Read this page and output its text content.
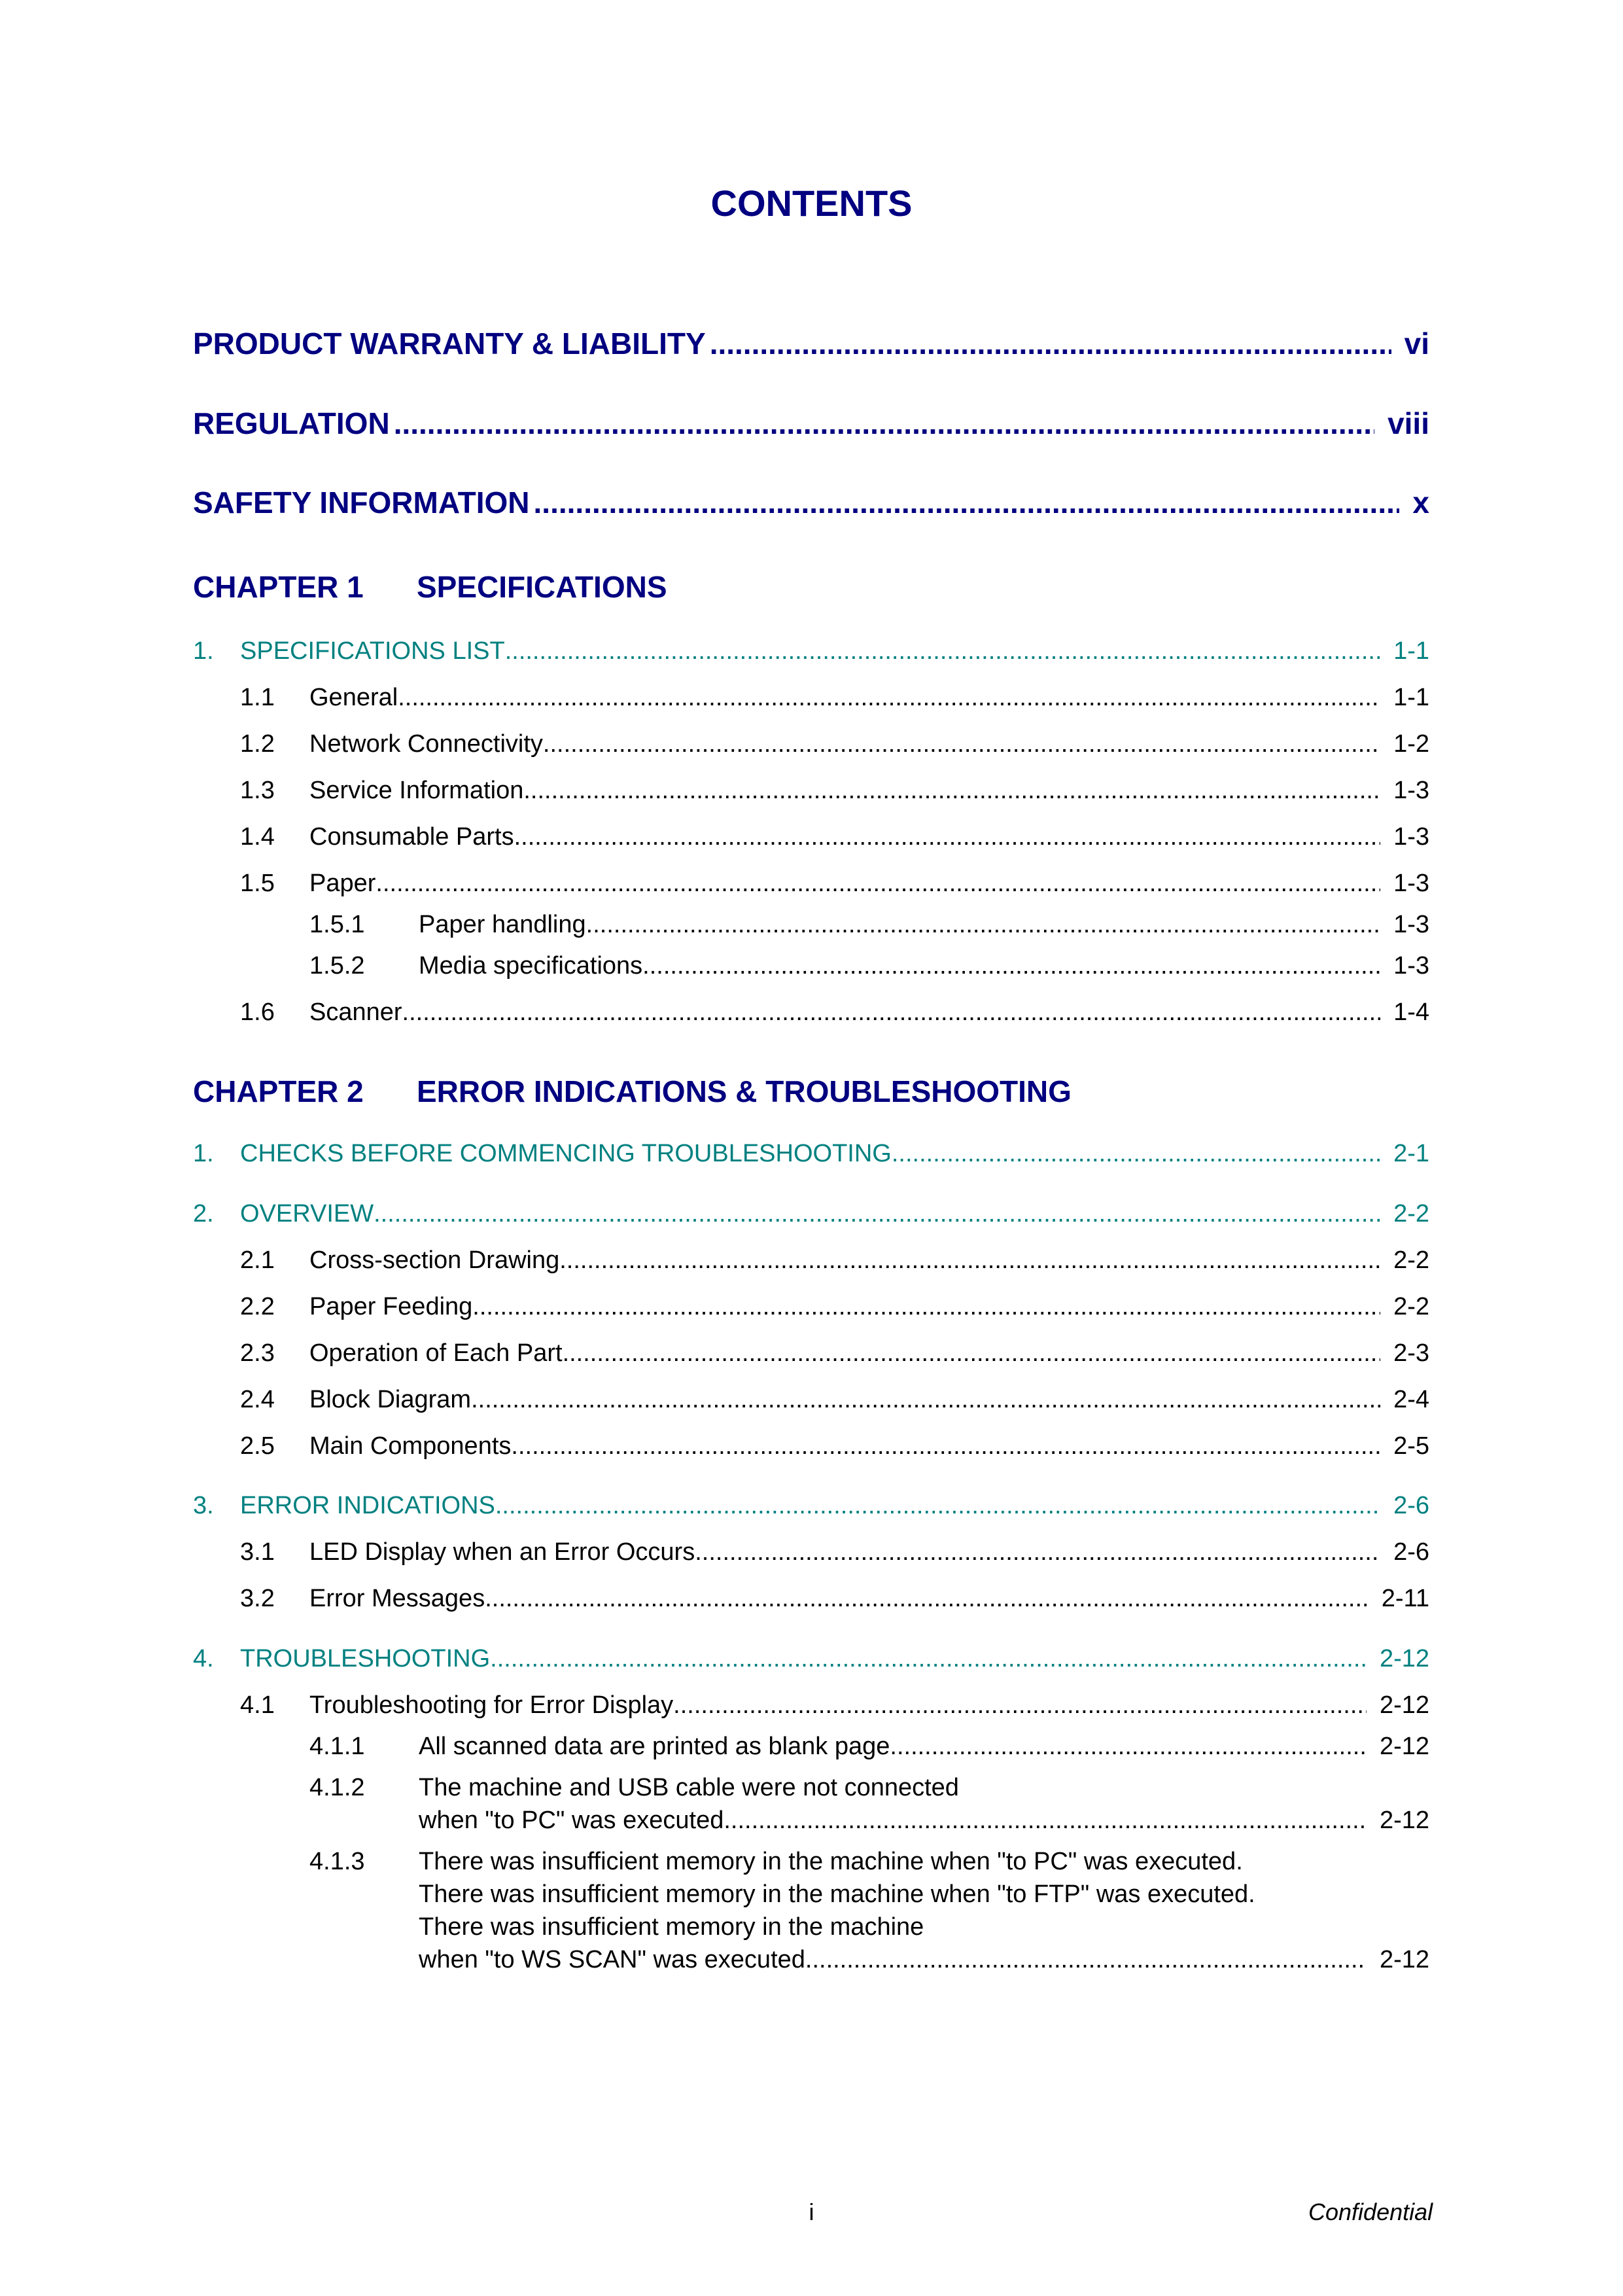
CONTENTS
PRODUCT WARRANTY & LIABILITY .....	vi
REGULATION .....	viii
SAFETY INFORMATION .....	x
CHAPTER 1 SPECIFICATIONS
1.	SPECIFICATIONS LIST .....	1-1
1.1 General .....	1-1
1.2 Network Connectivity .....	1-2
1.3 Service Information .....	1-3
1.4 Consumable Parts .....	1-3
1.5 Paper .....	1-3
1.5.1 Paper handling .....	1-3
1.5.2 Media specifications .....	1-3
1.6 Scanner .....	1-4
CHAPTER 2 ERROR INDICATIONS & TROUBLESHOOTING
1.	CHECKS BEFORE COMMENCING TROUBLESHOOTING .....	2-1
2.	OVERVIEW .....	2-2
2.1 Cross-section Drawing .....	2-2
2.2 Paper Feeding .....	2-2
2.3 Operation of Each Part .....	2-3
2.4 Block Diagram .....	2-4
2.5 Main Components .....	2-5
3.	ERROR INDICATIONS .....	2-6
3.1 LED Display when an Error Occurs .....	2-6
3.2 Error Messages .....	2-11
4.	TROUBLESHOOTING .....	2-12
4.1 Troubleshooting for Error Display .....	2-12
4.1.1 All scanned data are printed as blank page. .....	2-12
4.1.2 The machine and USB cable were not connected
when "to PC" was executed. .....	2-12
4.1.3 There was insufficient memory in the machine when "to PC" was executed.
There was insufficient memory in the machine when "to FTP" was executed.
There was insufficient memory in the machine
when "to WS SCAN" was executed. .....	2-12
i	Confidential
